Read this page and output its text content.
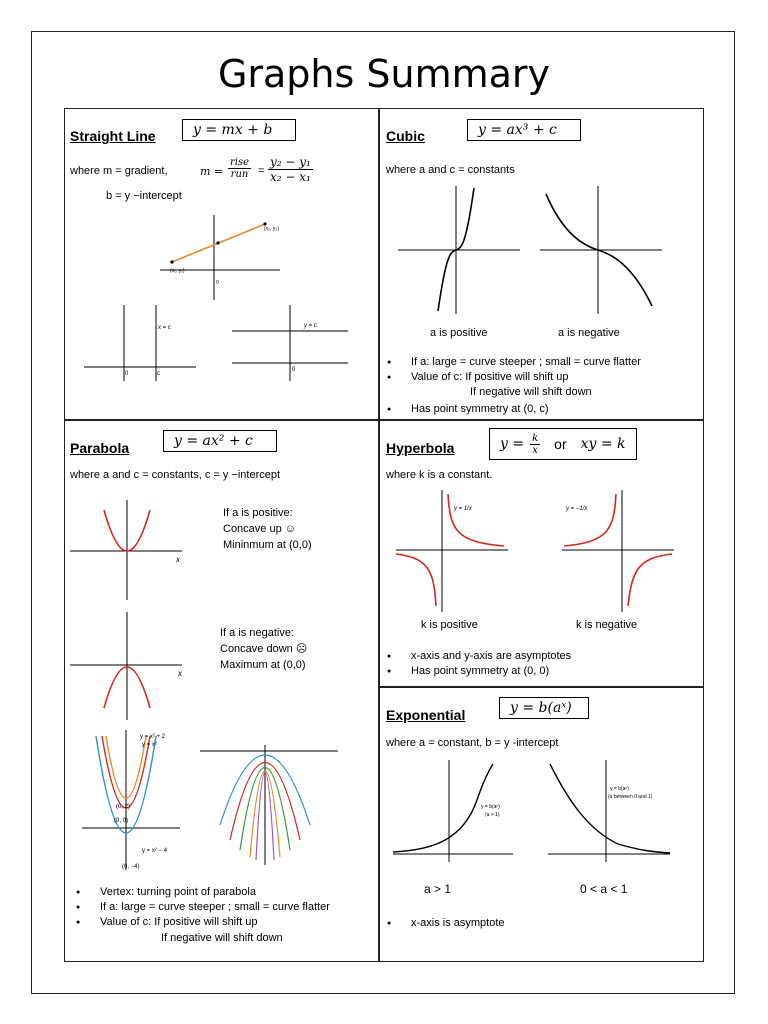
Graphs Summary
Straight Line	y = mx + b
where m = gradient,	m =
rise
run = $\frac{\text{y₂ − y₁}}{\text{x₂ − x₁}}$
b = y −intercept
(x₁, y₁)
(x₂, y₂)
0
x = c
0	c
y = c
0
Cubic	y = ax³ + c
where a and c = constants
a is positive	a is negative
● If a: large = curve steeper ; small = curve flatter
● Value of c: If positive will shift up
If negative will shift down
● Has point symmetry at (0, c)
Parabola	y = ax² + c
where a and c = constants, c = y −intercept
x
If a is positive:
Concave up ☺
Mininmum at (0,0)
x
If a is negative:
Concave down ☹
Maximum at (0,0)
y = x² + 2
y = x²
(0, 2)
(0, 0)
y = x² − 4
(0, −4)
● Vertex: turning point of parabola
● If a: large = curve steeper ; small = curve flatter
● Value of c: If positive will shift up
If negative will shift down
Hyperbola	$y = \frac{k}{x}$ or xy = k
where k is a constant.
y = 1/x	y = −1/x
k is positive	k is negative
● x-axis and y-axis are asymptotes
● Has point symmetry at (0, 0)
Exponential	y = b(aˣ)
where a = constant, b = y -intercept
y = b(aˣ)
(a > 1)
y = b(aˣ)
(a between 0 and 1)
a > 1	0 < a < 1
● x-axis is asymptote
